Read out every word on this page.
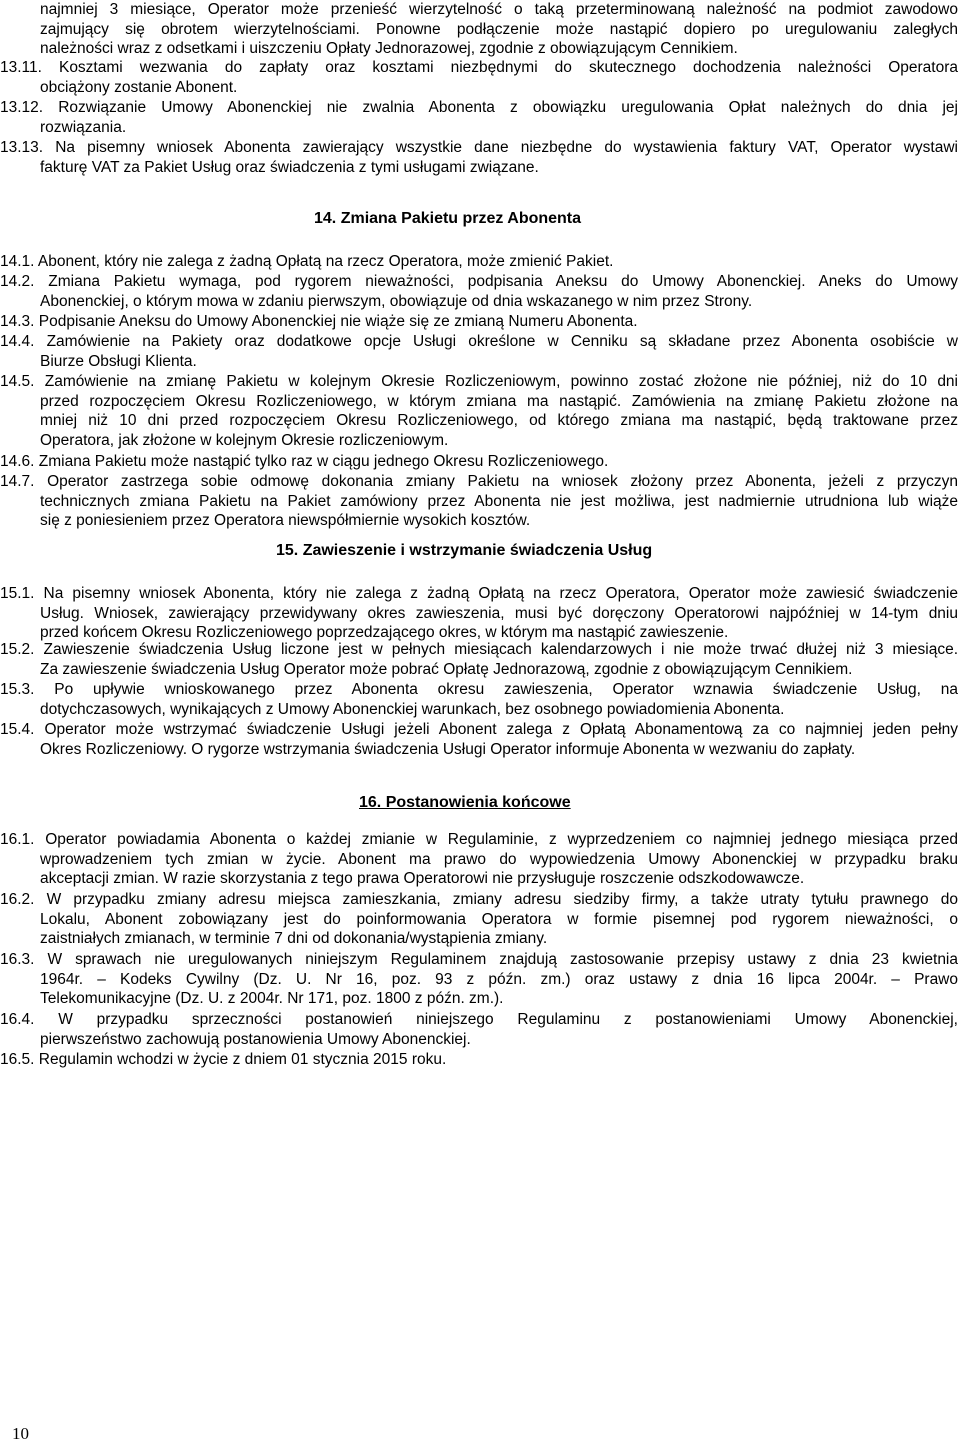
najmniej 3 miesiące, Operator może przenieść wierzytelność o taką przeterminowaną należność na podmiot zawodowo
zajmujący się obrotem wierzytelnościami. Ponowne podłączenie może nastąpić dopiero po uregulowaniu zaległych
należności wraz z odsetkami i uiszczeniu Opłaty Jednorazowej, zgodnie z obowiązującym Cennikiem.
13.11. Kosztami wezwania do zapłaty oraz kosztami niezbędnymi do skutecznego dochodzenia należności Operatora
obciążony zostanie Abonent.
13.12. Rozwiązanie Umowy Abonenckiej nie zwalnia Abonenta z obowiązku uregulowania Opłat należnych do dnia jej
rozwiązania.
13.13. Na pisemny wniosek Abonenta zawierający wszystkie dane niezbędne do wystawienia faktury VAT, Operator wystawi
fakturę VAT za Pakiet Usług oraz świadczenia z tymi usługami związane.
14. Zmiana Pakietu przez Abonenta
14.1. Abonent, który nie zalega z żadną Opłatą na rzecz Operatora, może zmienić Pakiet.
14.2. Zmiana Pakietu wymaga, pod rygorem nieważności, podpisania Aneksu do Umowy Abonenckiej. Aneks do Umowy
Abonenckiej, o którym mowa w zdaniu pierwszym, obowiązuje od dnia wskazanego w nim przez Strony.
14.3. Podpisanie Aneksu do Umowy Abonenckiej nie wiąże się ze zmianą Numeru Abonenta.
14.4. Zamówienie na Pakiety oraz dodatkowe opcje Usługi określone w Cenniku są składane przez Abonenta osobiście w
Biurze Obsługi Klienta.
14.5. Zamówienie na zmianę Pakietu w kolejnym Okresie Rozliczeniowym, powinno zostać złożone nie później, niż do 10 dni
przed rozpoczęciem Okresu Rozliczeniowego, w którym zmiana ma nastąpić. Zamówienia na zmianę Pakietu złożone na
mniej niż 10 dni przed rozpoczęciem Okresu Rozliczeniowego, od którego zmiana ma nastąpić, będą traktowane przez
Operatora, jak złożone w kolejnym Okresie rozliczeniowym.
14.6. Zmiana Pakietu może nastąpić tylko raz w ciągu jednego Okresu Rozliczeniowego.
14.7. Operator zastrzega sobie odmowę dokonania zmiany Pakietu na wniosek złożony przez Abonenta, jeżeli z przyczyn
technicznych zmiana Pakietu na Pakiet zamówiony przez Abonenta nie jest możliwa, jest nadmiernie utrudniona lub wiąże
się z poniesieniem przez Operatora niewspółmiernie wysokich kosztów.
15. Zawieszenie i wstrzymanie świadczenia Usług
15.1. Na pisemny wniosek Abonenta, który nie zalega z żadną Opłatą na rzecz Operatora, Operator może zawiesić świadczenie
Usług. Wniosek, zawierający przewidywany okres zawieszenia, musi być doręczony Operatorowi najpóźniej w 14-tym dniu
przed końcem Okresu Rozliczeniowego poprzedzającego okres, w którym ma nastąpić zawieszenie.
15.2. Zawieszenie świadczenia Usług liczone jest w pełnych miesiącach kalendarzowych i nie może trwać dłużej niż 3 miesiące.
Za zawieszenie świadczenia Usług Operator może pobrać Opłatę Jednorazową, zgodnie z obowiązującym Cennikiem.
15.3. Po upływie wnioskowanego przez Abonenta okresu zawieszenia, Operator wznawia świadczenie Usług, na
dotychczasowych, wynikających z Umowy Abonenckiej warunkach, bez osobnego powiadomienia Abonenta.
15.4. Operator może wstrzymać świadczenie Usługi jeżeli Abonent zalega z Opłatą Abonamentową za co najmniej jeden pełny
Okres Rozliczeniowy. O rygorze wstrzymania świadczenia Usługi Operator informuje Abonenta w wezwaniu do zapłaty.
16. Postanowienia końcowe
16.1. Operator powiadamia Abonenta o każdej zmianie w Regulaminie, z wyprzedzeniem co najmniej jednego miesiąca przed
wprowadzeniem tych zmian w życie. Abonent ma prawo do wypowiedzenia Umowy Abonenckiej w przypadku braku
akceptacji zmian. W razie skorzystania z tego prawa Operatorowi nie przysługuje roszczenie odszkodowawcze.
16.2. W przypadku zmiany adresu miejsca zamieszkania, zmiany adresu siedziby firmy, a także utraty tytułu prawnego do
Lokalu, Abonent zobowiązany jest do poinformowania Operatora w formie pisemnej pod rygorem nieważności, o
zaistniałych zmianach, w terminie 7 dni od dokonania/wystąpienia zmiany.
16.3. W sprawach nie uregulowanych niniejszym Regulaminem znajdują zastosowanie przepisy ustawy z dnia 23 kwietnia
1964r. – Kodeks Cywilny (Dz. U. Nr 16, poz. 93 z późn. zm.) oraz ustawy z dnia 16 lipca 2004r. – Prawo
Telekomunikacyjne (Dz. U. z 2004r. Nr 171, poz. 1800 z późn. zm.).
16.4. W przypadku sprzeczności postanowień niniejszego Regulaminu z postanowieniami Umowy Abonenckiej,
pierwszeństwo zachowują postanowienia Umowy Abonenckiej.
16.5. Regulamin wchodzi w życie z dniem 01 stycznia 2015 roku.
10
